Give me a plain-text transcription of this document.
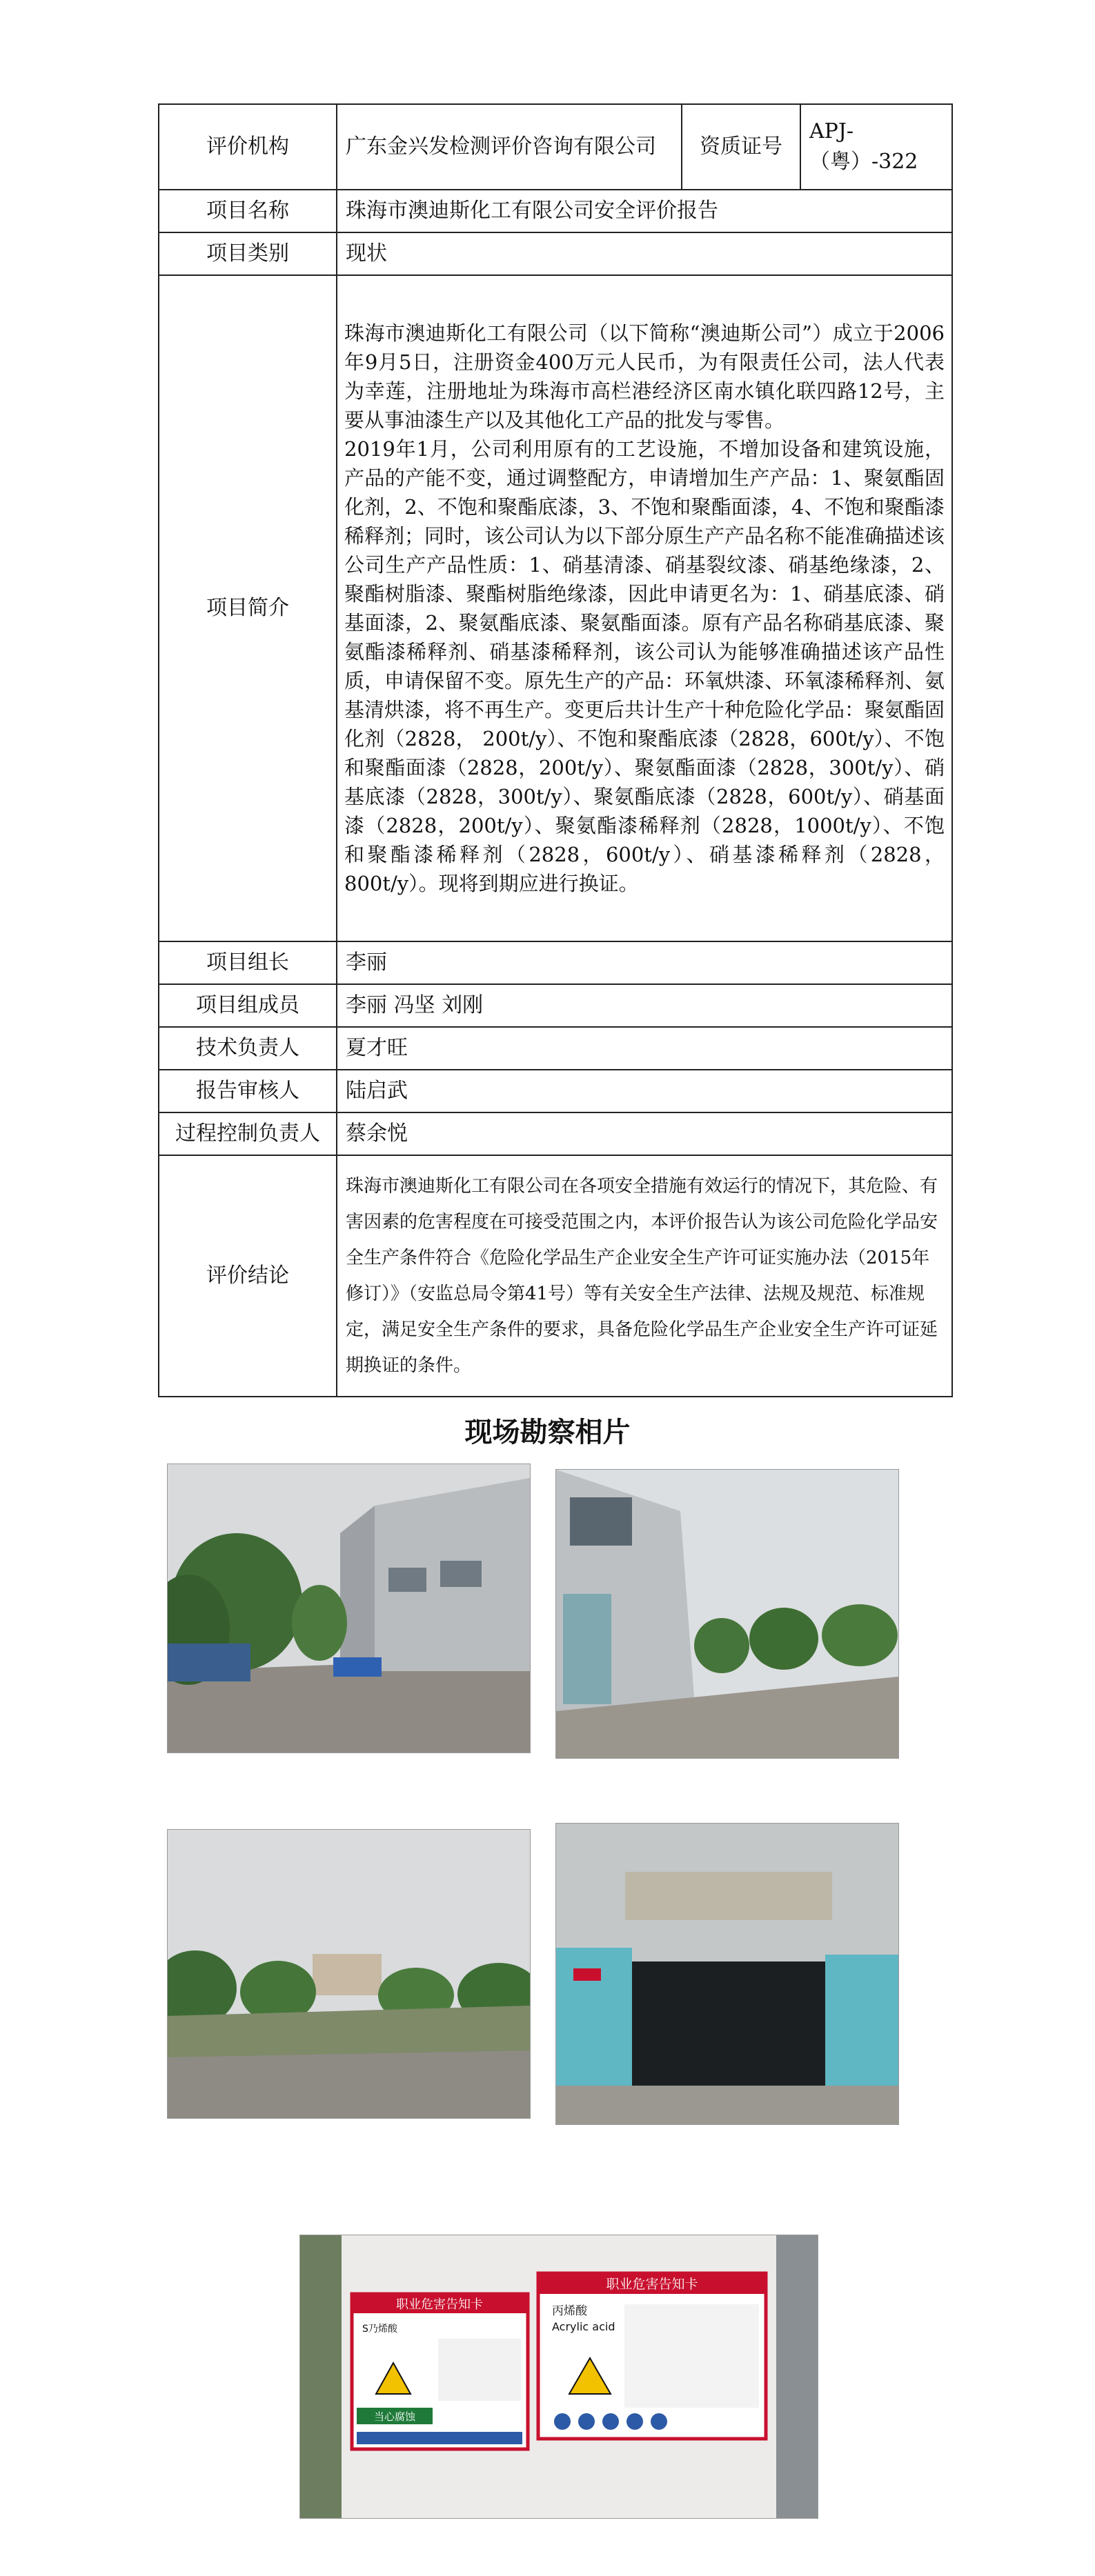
评价机构	广东金兴发检测评价咨询有限公司	资质证号	APJ-（粤）-322
项目名称	珠海市澳迪斯化工有限公司安全评价报告		
项目类别	现状		
项目简介	珠海市澳迪斯化工有限公司（以下简称“澳迪斯公司”）成立于2006年9月5日，注册资金400万元人民币，为有限责任公司，法人代表为幸莲，注册地址为珠海市高栏港经济区南水镇化联四路12号，主要从事油漆生产以及其他化工产品的批发与零售。
2019年1月，公司利用原有的工艺设施，不增加设备和建筑设施，产品的产能不变，通过调整配方，申请增加生产产品：1、聚氨酯固化剂，2、不饱和聚酯底漆，3、不饱和聚酯面漆，4、不饱和聚酯漆稀释剂；同时，该公司认为以下部分原生产产品名称不能准确描述该公司生产产品性质：1、硝基清漆、硝基裂纹漆、硝基绝缘漆，2、聚酯树脂漆、聚酯树脂绝缘漆，因此申请更名为：1、硝基底漆、硝基面漆，2、聚氨酯底漆、聚氨酯面漆。原有产品名称硝基底漆、聚氨酯漆稀释剂、硝基漆稀释剂，该公司认为能够准确描述该产品性质，申请保留不变。原先生产的产品：环氧烘漆、环氧漆稀释剂、氨基清烘漆，将不再生产。变更后共计生产十种危险化学品：聚氨酯固化剂（2828， 200t/y）、不饱和聚酯底漆（2828，600t/y）、不饱和聚酯面漆（2828，200t/y）、聚氨酯面漆（2828，300t/y）、硝基底漆（2828，300t/y）、聚氨酯底漆（2828，600t/y）、硝基面漆（2828，200t/y）、聚氨酯漆稀释剂（2828，1000t/y）、不饱和聚酯漆稀释剂（2828，600t/y）、硝基漆稀释剂（2828，800t/y）。现将到期应进行换证。		

项目组长	李丽		
项目组成员	李丽 冯坚 刘刚		
技术负责人	夏才旺		
报告审核人	陆启武		
过程控制负责人	蔡余悦		
评价结论	珠海市澳迪斯化工有限公司在各项安全措施有效运行的情况下，其危险、有害因素的危害程度在可接受范围之内，本评价报告认为该公司危险化学品安全生产条件符合《危险化学品生产企业安全生产许可证实施办法（2015年修订）》（安监总局令第41号）等有关安全生产法律、法规及规范、标准规定，满足安全生产条件的要求，具备危险化学品生产企业安全生产许可证延期换证的条件。		
现场勘察相片
职业危害告知卡
S乃烯酸
当心腐蚀
职业危害告知卡
丙烯酸
Acrylic acid
